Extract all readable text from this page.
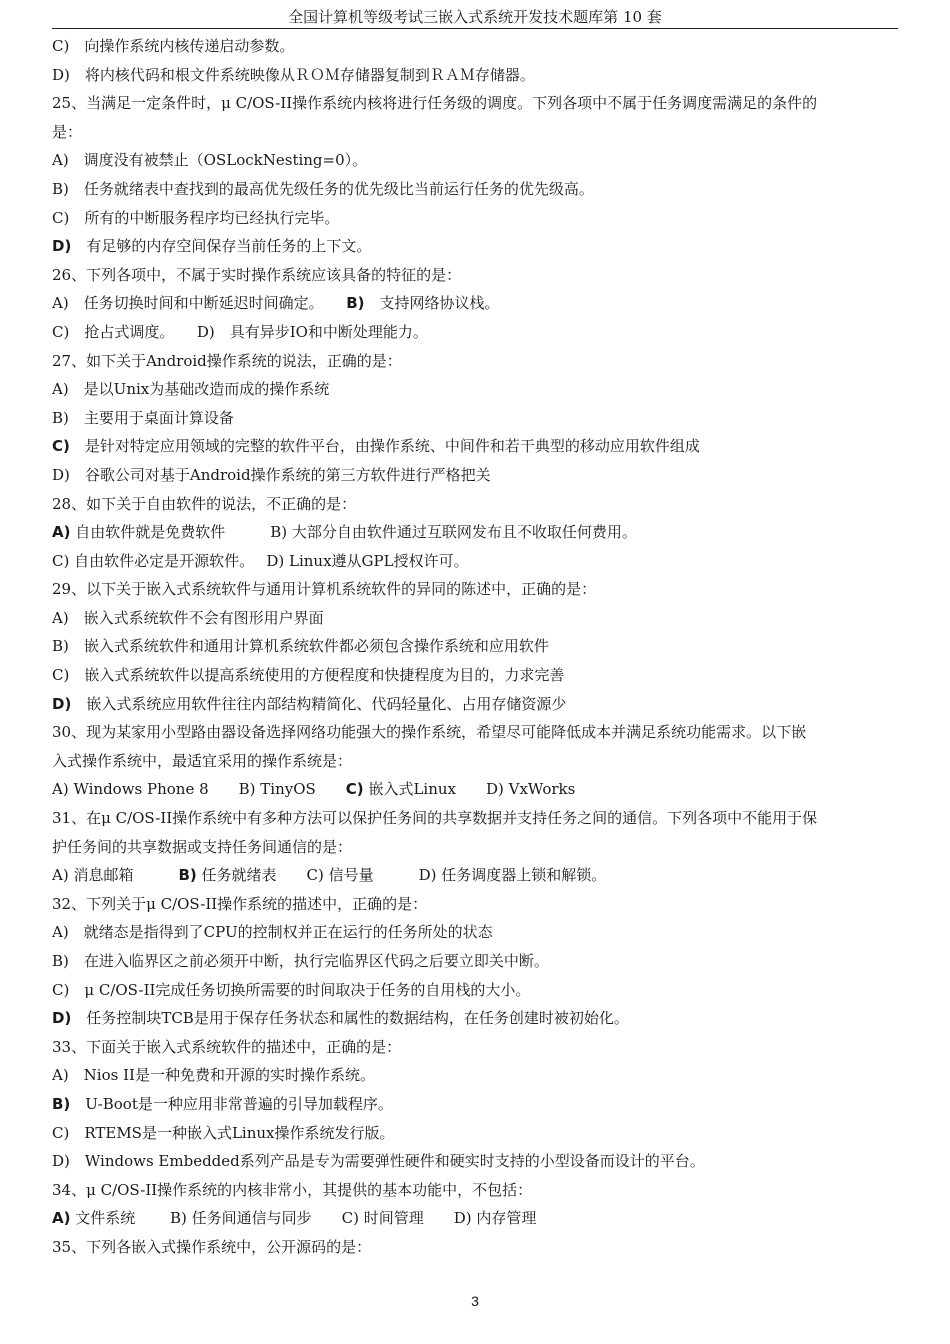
全国计算机等级考试三嵌入式系统开发技术题库第 10 套
C)　向操作系统内核传递启动参数。
D)　将内核代码和根文件系统映像从ＲＯＭ存储器复制到ＲＡＭ存储器。
25、当满足一定条件时，μ C/OS-II操作系统内核将进行任务级的调度。下列各项中不属于任务调度需满足的条件的
是：
A)　调度没有被禁止（OSLockNesting=0）。
B)　任务就绪表中查找到的最高优先级任务的优先级比当前运行任务的优先级高。
C)　所有的中断服务程序均已经执行完毕。
D)　有足够的内存空间保存当前任务的上下文。
26、下列各项中，不属于实时操作系统应该具备的特征的是：
A)　任务切换时间和中断延迟时间确定。　　B)　支持网络协议栈。
C)　抢占式调度。　　D)　具有异步IO和中断处理能力。
27、如下关于Android操作系统的说法，正确的是：
A)　是以Unix为基础改造而成的操作系统
B)　主要用于桌面计算设备
C)　是针对特定应用领域的完整的软件平台，由操作系统、中间件和若干典型的移动应用软件组成
D)　谷歌公司对基于Android操作系统的第三方软件进行严格把关
28、如下关于自由软件的说法，不正确的是：
A) 自由软件就是免费软件　　　B) 大部分自由软件通过互联网发布且不收取任何费用。
C) 自由软件必定是开源软件。　 D) Linux遵从GPL授权许可。
29、以下关于嵌入式系统软件与通用计算机系统软件的异同的陈述中，正确的是：
A)　嵌入式系统软件不会有图形用户界面
B)　嵌入式系统软件和通用计算机系统软件都必须包含操作系统和应用软件
C)　嵌入式系统软件以提高系统使用的方便程度和快捷程度为目的，力求完善
D)　嵌入式系统应用软件往往内部结构精简化、代码轻量化、占用存储资源少
30、现为某家用小型路由器设备选择网络功能强大的操作系统，希望尽可能降低成本并满足系统功能需求。以下嵌
入式操作系统中，最适宜采用的操作系统是：
A) Windows Phone 8　　B) TinyOS　　C) 嵌入式Linux　　D) VxWorks
31、在μ C/OS-II操作系统中有多种方法可以保护任务间的共享数据并支持任务之间的通信。下列各项中不能用于保
护任务间的共享数据或支持任务间通信的是：
A) 消息邮箱　　　B) 任务就绪表　　C) 信号量　　　D) 任务调度器上锁和解锁。
32、下列关于μ C/OS-II操作系统的描述中，正确的是：
A)　就绪态是指得到了CPU的控制权并正在运行的任务所处的状态
B)　在进入临界区之前必须开中断，执行完临界区代码之后要立即关中断。
C)　μ C/OS-II完成任务切换所需要的时间取决于任务的自用栈的大小。
D)　任务控制块TCB是用于保存任务状态和属性的数据结构，在任务创建时被初始化。
33、下面关于嵌入式系统软件的描述中，正确的是：
A)　Nios II是一种免费和开源的实时操作系统。
B)　U-Boot是一种应用非常普遍的引导加载程序。
C)　RTEMS是一种嵌入式Linux操作系统发行版。
D)　Windows Embedded系列产品是专为需要弹性硬件和硬实时支持的小型设备而设计的平台。
34、μ C/OS-II操作系统的内核非常小，其提供的基本功能中，不包括：
A) 文件系统　　 B) 任务间通信与同步　　C) 时间管理　　D) 内存管理
35、下列各嵌入式操作系统中，公开源码的是：
3
